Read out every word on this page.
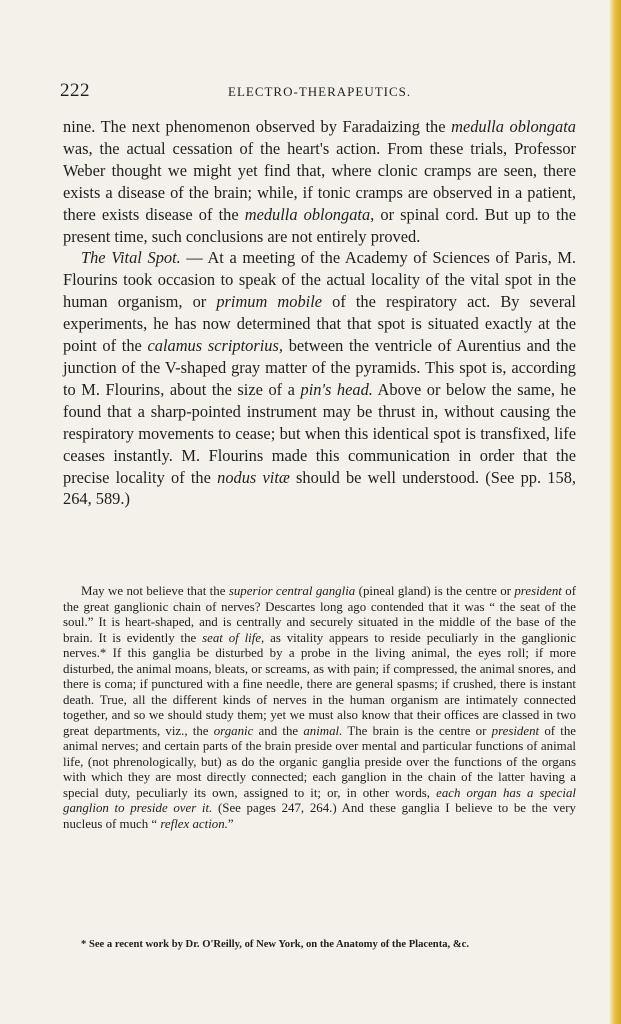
222	ELECTRO-THERAPEUTICS.

nine. The next phenomenon observed by Faradaizing the medulla oblongata was, the actual cessation of the heart's action. From these trials, Professor Weber thought we might yet find that, where clonic cramps are seen, there exists a disease of the brain; while, if tonic cramps are observed in a patient, there exists disease of the medulla oblongata, or spinal cord. But up to the present time, such conclusions are not entirely proved.

The Vital Spot. — At a meeting of the Academy of Sciences of Paris, M. Flourins took occasion to speak of the actual locality of the vital spot in the human organism, or primum mobile of the respiratory act. By several experiments, he has now determined that that spot is situated exactly at the point of the calamus scriptorius, between the ventricle of Aurentius and the junction of the V-shaped gray matter of the pyramids. This spot is, according to M. Flourins, about the size of a pin's head. Above or below the same, he found that a sharp-pointed instrument may be thrust in, without causing the respiratory movements to cease; but when this identical spot is transfixed, life ceases instantly. M. Flourins made this communication in order that the precise locality of the nodus vitæ should be well understood. (See pp. 158, 264, 589.)

May we not believe that the superior central ganglia (pineal gland) is the centre or president of the great ganglionic chain of nerves? Descartes long ago contended that it was “ the seat of the soul.” It is heart-shaped, and is centrally and securely situated in the middle of the base of the brain. It is evidently the seat of life, as vitality appears to reside peculiarly in the ganglionic nerves.* If this ganglia be disturbed by a probe in the living animal, the eyes roll; if more disturbed, the animal moans, bleats, or screams, as with pain; if compressed, the animal snores, and there is coma; if punctured with a fine needle, there are general spasms; if crushed, there is instant death. True, all the different kinds of nerves in the human organism are intimately connected together, and so we should study them; yet we must also know that their offices are classed in two great departments, viz., the organic and the animal. The brain is the centre or president of the animal nerves; and certain parts of the brain preside over mental and particular functions of animal life, (not phrenologically, but) as do the organic ganglia preside over the functions of the organs with which they are most directly connected; each ganglion in the chain of the latter having a special duty, peculiarly its own, assigned to it; or, in other words, each organ has a special ganglion to preside over it. (See pages 247, 264.) And these ganglia I believe to be the very nucleus of much “ reflex action.”

* See a recent work by Dr. O'Reilly, of New York, on the Anatomy of the Placenta, &c.
